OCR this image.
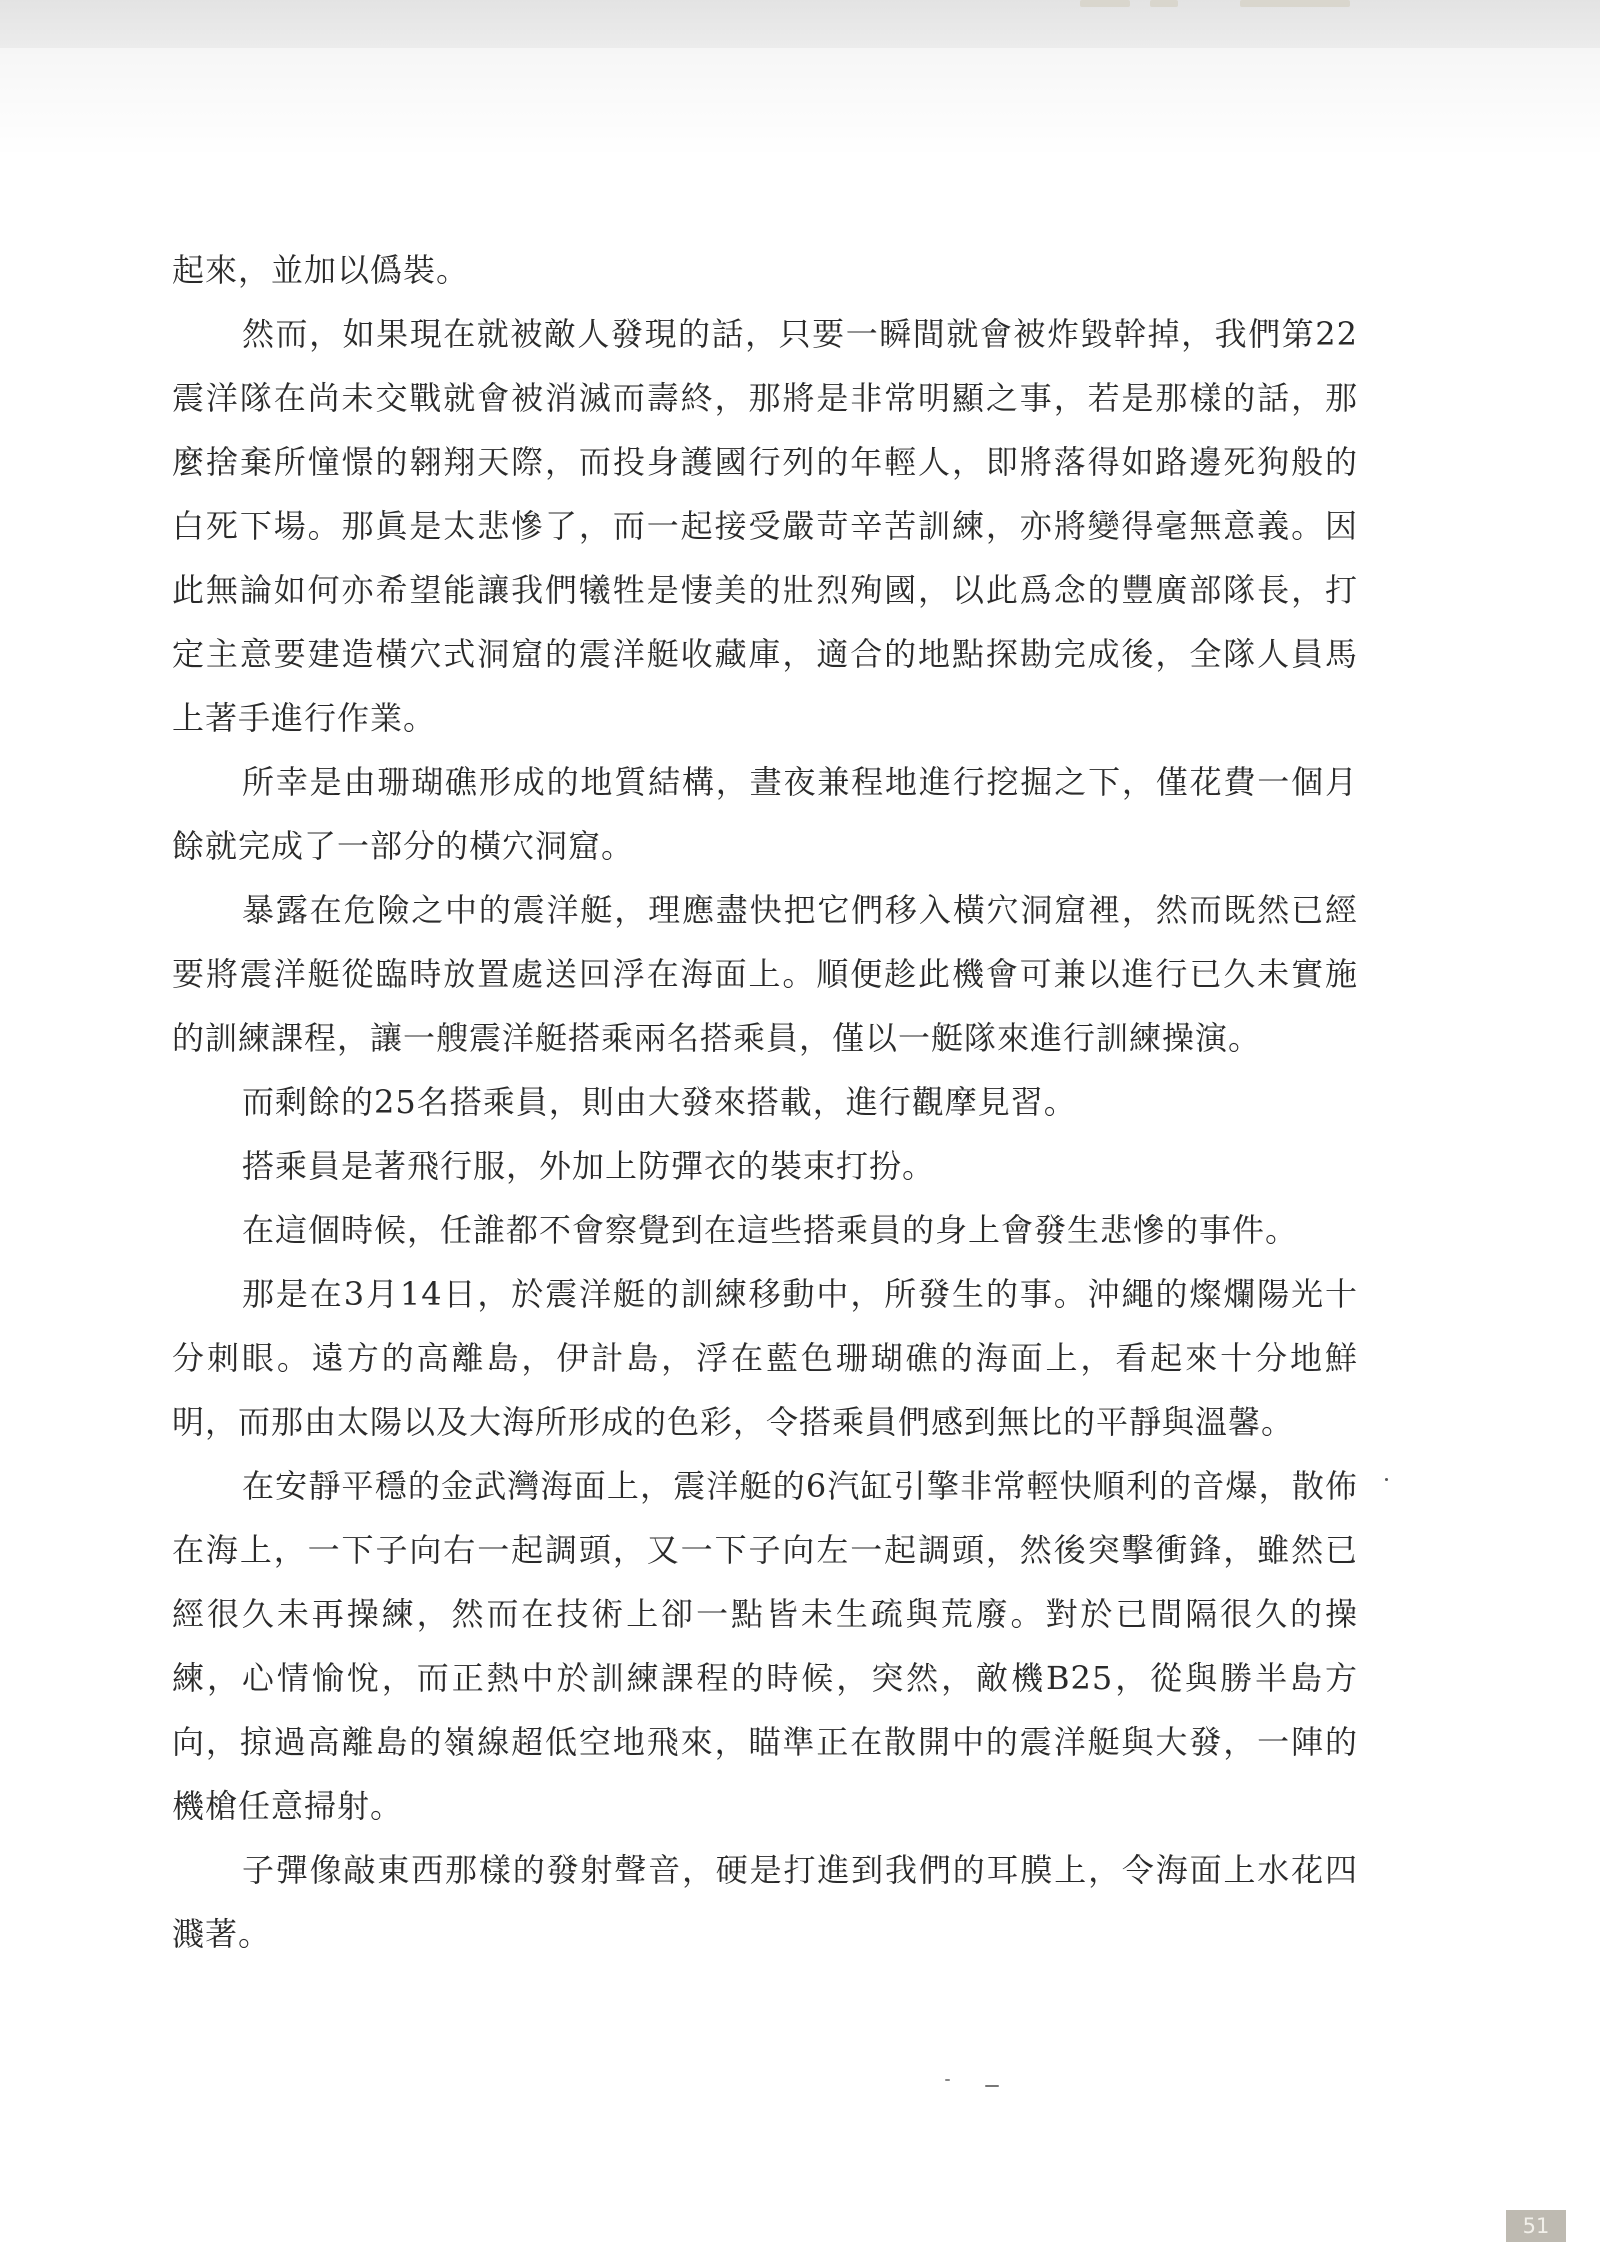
起來，並加以僞裝。

然而，如果現在就被敵人發現的話，只要一瞬間就會被炸毀幹掉，我們第22震洋隊在尚未交戰就會被消滅而壽終，那將是非常明顯之事，若是那樣的話，那麼捨棄所憧憬的翱翔天際，而投身護國行列的年輕人，即將落得如路邊死狗般的白死下場。那眞是太悲慘了，而一起接受嚴苛辛苦訓練，亦將變得毫無意義。因此無論如何亦希望能讓我們犧牲是悽美的壯烈殉國，以此爲念的豐廣部隊長，打定主意要建造橫穴式洞窟的震洋艇收藏庫，適合的地點探勘完成後，全隊人員馬上著手進行作業。

所幸是由珊瑚礁形成的地質結構，晝夜兼程地進行挖掘之下，僅花費一個月餘就完成了一部分的橫穴洞窟。

暴露在危險之中的震洋艇，理應盡快把它們移入橫穴洞窟裡，然而既然已經要將震洋艇從臨時放置處送回浮在海面上。順便趁此機會可兼以進行已久未實施的訓練課程，讓一艘震洋艇搭乘兩名搭乘員，僅以一艇隊來進行訓練操演。

而剩餘的25名搭乘員，則由大發來搭載，進行觀摩見習。

搭乘員是著飛行服，外加上防彈衣的裝束打扮。

在這個時候，任誰都不會察覺到在這些搭乘員的身上會發生悲慘的事件。

那是在3月14日，於震洋艇的訓練移動中，所發生的事。沖繩的燦爛陽光十分刺眼。遠方的高離島，伊計島，浮在藍色珊瑚礁的海面上，看起來十分地鮮明，而那由太陽以及大海所形成的色彩，令搭乘員們感到無比的平靜與溫馨。

在安靜平穩的金武灣海面上，震洋艇的6汽缸引擎非常輕快順利的音爆，散佈在海上，一下子向右一起調頭，又一下子向左一起調頭，然後突擊衝鋒，雖然已經很久未再操練，然而在技術上卻一點皆未生疏與荒廢。對於已間隔很久的操練，心情愉悅，而正熱中於訓練課程的時候，突然，敵機B25，從與勝半島方向，掠過高離島的嶺線超低空地飛來，瞄準正在散開中的震洋艇與大發，一陣的機槍任意掃射。

子彈像敲東西那樣的發射聲音，硬是打進到我們的耳膜上，令海面上水花四濺著。

51
